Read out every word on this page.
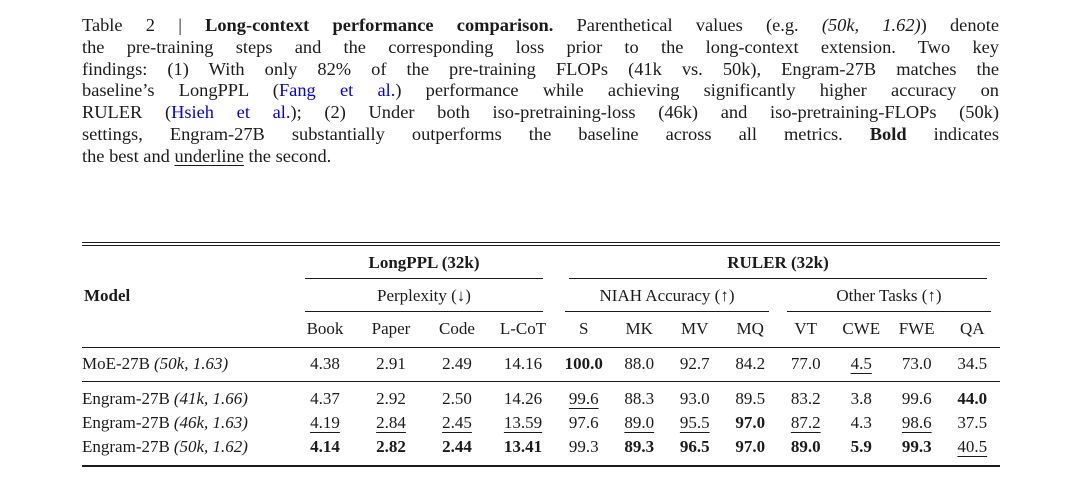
Table 2 | Long-context performance comparison. Parenthetical values (e.g. (50k, 1.62)) denote
the pre-training steps and the corresponding loss prior to the long-context extension. Two key
findings: (1) With only 82% of the pre-training FLOPs (41k vs. 50k), Engram-27B matches the
baseline’s LongPPL (Fang et al.) performance while achieving significantly higher accuracy on
RULER (Hsieh et al.); (2) Under both iso-pretraining-loss (46k) and iso-pretraining-FLOPs (50k)
settings, Engram-27B substantially outperforms the baseline across all metrics. Bold indicates
the best and underline the second.
Model	LongPPL (32k)				RULER (32k)							

	Perplexity (↓)				NIAH Accuracy (↑)				Other Tasks (↑)			

	Book	Paper	Code	L-CoT	S	MK	MV	MQ	VT	CWE	FWE	QA
MoE-27B (50k, 1.63)	4.38	2.91	2.49	14.16	100.0	88.0	92.7	84.2	77.0	4.5	73.0	34.5
Engram-27B (41k, 1.66)	4.37	2.92	2.50	14.26	99.6	88.3	93.0	89.5	83.2	3.8	99.6	44.0
Engram-27B (46k, 1.63)	4.19	2.84	2.45	13.59	97.6	89.0	95.5	97.0	87.2	4.3	98.6	37.5
Engram-27B (50k, 1.62)	4.14	2.82	2.44	13.41	99.3	89.3	96.5	97.0	89.0	5.9	99.3	40.5
